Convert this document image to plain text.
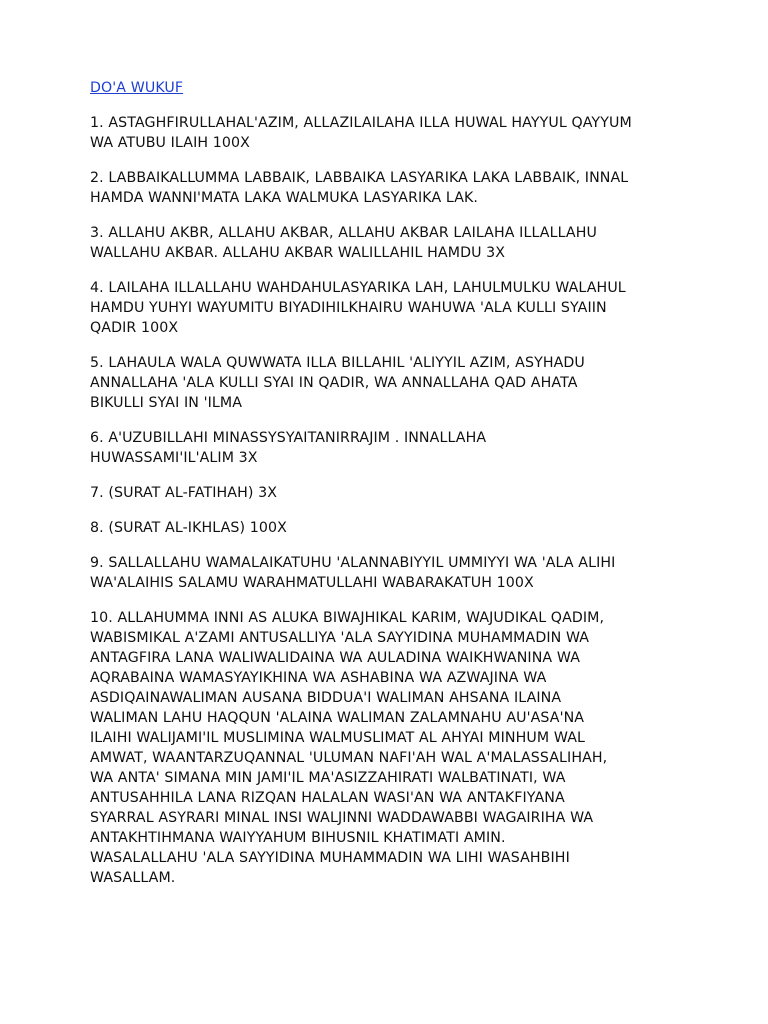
DO'A WUKUF
1. ASTAGHFIRULLAHAL'AZIM, ALLAZILAILAHA ILLA HUWAL HAYYUL QAYYUM
WA ATUBU ILAIH 100X
2. LABBAIKALLUMMA LABBAIK, LABBAIKA LASYARIKA LAKA LABBAIK, INNAL
HAMDA WANNI'MATA LAKA WALMUKA LASYARIKA LAK.
3. ALLAHU AKBR, ALLAHU AKBAR, ALLAHU AKBAR LAILAHA ILLALLAHU
WALLAHU AKBAR. ALLAHU AKBAR WALILLAHIL HAMDU 3X
4. LAILAHA ILLALLAHU WAHDAHULASYARIKA LAH, LAHULMULKU WALAHUL
HAMDU YUHYI WAYUMITU BIYADIHILKHAIRU WAHUWA 'ALA KULLI SYAIIN
QADIR 100X
5. LAHAULA WALA QUWWATA ILLA BILLAHIL 'ALIYYIL AZIM, ASYHADU
ANNALLAHA 'ALA KULLI SYAI IN QADIR, WA ANNALLAHA QAD AHATA
BIKULLI SYAI IN 'ILMA
6. A'UZUBILLAHI MINASSYSYAITANIRRAJIM . INNALLAHA
HUWASSAMI'IL'ALIM 3X
7. (SURAT AL-FATIHAH) 3X
8. (SURAT AL-IKHLAS) 100X
9. SALLALLAHU WAMALAIKATUHU 'ALANNABIYYIL UMMIYYI WA 'ALA ALIHI
WA'ALAIHIS SALAMU WARAHMATULLAHI WABARAKATUH 100X
10. ALLAHUMMA INNI AS ALUKA BIWAJHIKAL KARIM, WAJUDIKAL QADIM,
WABISMIKAL A'ZAMI ANTUSALLIYA 'ALA SAYYIDINA MUHAMMADIN WA
ANTAGFIRA LANA WALIWALIDAINA WA AULADINA WAIKHWANINA WA
AQRABAINA WAMASYAYIKHINA WA ASHABINA WA AZWAJINA WA
ASDIQAINAWALIMAN AUSANA BIDDUA'I WALIMAN AHSANA ILAINA
WALIMAN LAHU HAQQUN 'ALAINA WALIMAN ZALAMNAHU AU'ASA'NA
ILAIHI WALIJAMI'IL MUSLIMINA WALMUSLIMAT AL AHYAI MINHUM WAL
AMWAT, WAANTARZUQANNAL 'ULUMAN NAFI'AH WAL A'MALASSALIHAH,
WA ANTA' SIMANA MIN JAMI'IL MA'ASIZZAHIRATI WALBATINATI, WA
ANTUSAHHILA LANA RIZQAN HALALAN WASI'AN WA ANTAKFIYANA
SYARRAL ASYRARI MINAL INSI WALJINNI WADDAWABBI WAGAIRIHA WA
ANTAKHTIHMANA WAIYYAHUM BIHUSNIL KHATIMATI AMIN.
WASALALLAHU 'ALA SAYYIDINA MUHAMMADIN WA LIHI WASAHBIHI
WASALLAM.
